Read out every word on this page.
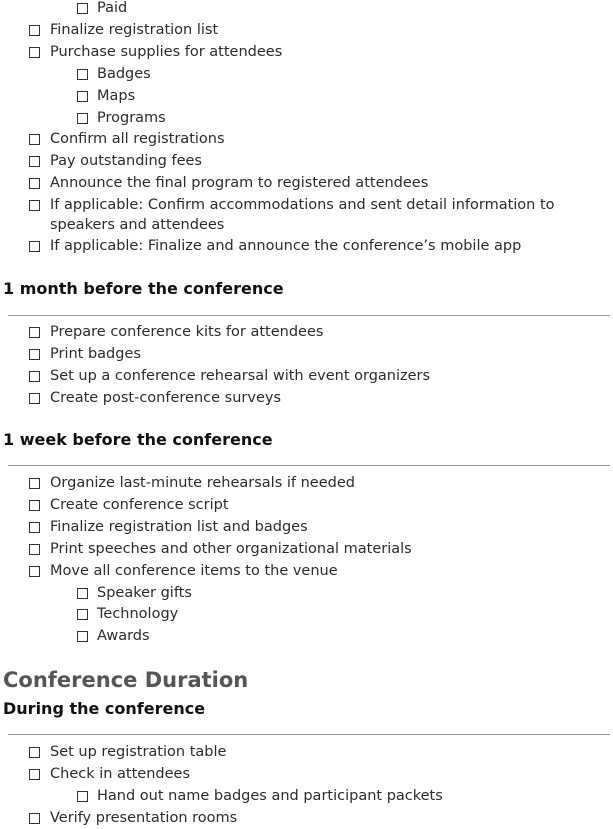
Paid
Finalize registration list
Purchase supplies for attendees
Badges
Maps
Programs
Confirm all registrations
Pay outstanding fees
Announce the final program to registered attendees
If applicable: Confirm accommodations and sent detail information to
speakers and attendees
If applicable: Finalize and announce the conference’s mobile app
1 month before the conference
Prepare conference kits for attendees
Print badges
Set up a conference rehearsal with event organizers
Create post-conference surveys
1 week before the conference
Organize last-minute rehearsals if needed
Create conference script
Finalize registration list and badges
Print speeches and other organizational materials
Move all conference items to the venue
Speaker gifts
Technology
Awards
Conference Duration
During the conference
Set up registration table
Check in attendees
Hand out name badges and participant packets
Verify presentation rooms
